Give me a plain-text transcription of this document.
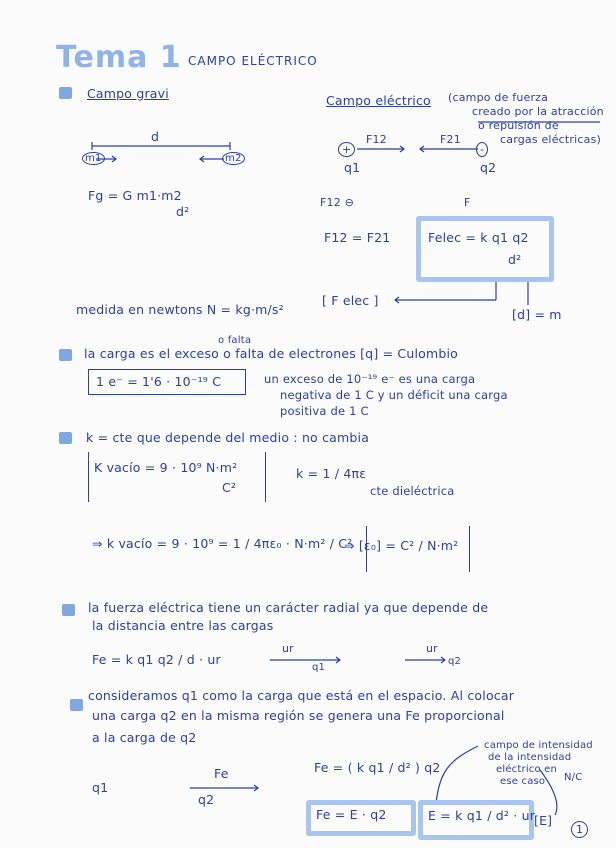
Tema 1 CAMPO ELÉCTRICO
1
Campo gravi
d
m1	m2
Fg = G m1·m2
d²
Campo eléctrico (campo de fuerza
creado por la atracción
o repulsión de
cargas eléctricas)
F12	F21
+	-
q1	q2
F12 ⊖	F
F12 = F21	Felec = k q1 q2
d²
medida en newtons N = kg·m/s²
[ F elec ]
[d] = m
o falta
la carga es el exceso o falta de electrones [q] = Culombio
1 e⁻ = 1'6 · 10⁻¹⁹ C	un exceso de 10⁻¹⁹ e⁻ es una carga
negativa de 1 C y un déficit una carga
positiva de 1 C
k = cte que depende del medio : no cambia
K vacío = 9 · 10⁹ N·m²
C²
k = 1 / 4πε
cte dieléctrica
⇒ k vacío = 9 · 10⁹ = 1 / 4πε₀ · N·m² / C²
⇒ [ε₀] = C² / N·m²
la fuerza eléctrica tiene un carácter radial ya que depende de
la distancia entre las cargas
Fe = k q1 q2 / d · ur
ur
q1
ur
q2
consideramos q1 como la carga que está en el espacio. Al colocar
una carga q2 en la misma región se genera una Fe proporcional
a la carga de q2
q1
Fe
q2
Fe = ( k q1 / d² ) q2
campo de intensidad
de la intensidad
eléctrico en
ese caso N/C
Fe = E · q2	E = k q1 / d² · ur
[E]
